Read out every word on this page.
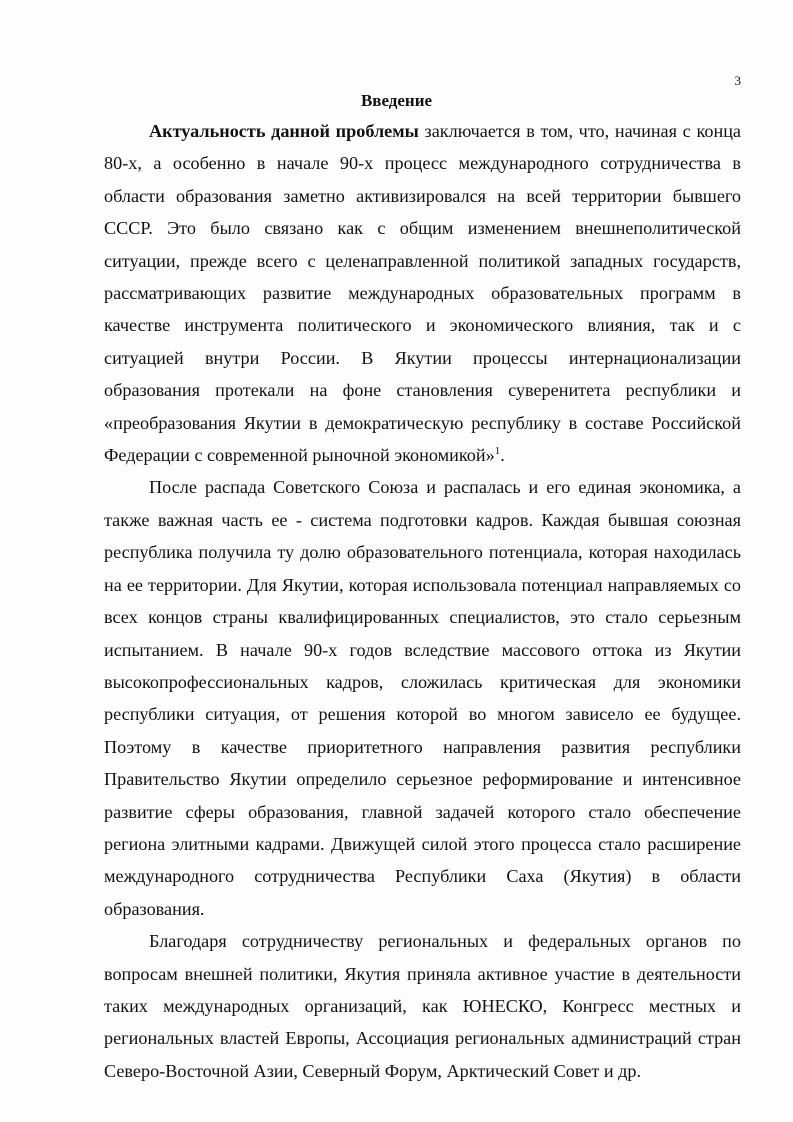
3
Введение

Актуальность данной проблемы заключается в том, что, начиная с конца 80-х, а особенно в начале 90-х процесс международного сотрудничества в области образования заметно активизировался на всей территории бывшего СССР. Это было связано как с общим изменением внешнеполитической ситуации, прежде всего с целенаправленной политикой западных государств, рассматривающих развитие международных образовательных программ в качестве инструмента политического и экономического влияния, так и с ситуацией внутри России. В Якутии процессы интернационализации образования протекали на фоне становления суверенитета республики и «преобразования Якутии в демократическую республику в составе Российской Федерации с современной рыночной экономикой»$^1$.

После распада Советского Союза и распалась и его единая экономика, а также важная часть ее - система подготовки кадров. Каждая бывшая союзная республика получила ту долю образовательного потенциала, которая находилась на ее территории. Для Якутии, которая использовала потенциал направляемых со всех концов страны квалифицированных специалистов, это стало серьезным испытанием. В начале 90-х годов вследствие массового оттока из Якутии высокопрофессиональных кадров, сложилась критическая для экономики республики ситуация, от решения которой во многом зависело ее будущее. Поэтому в качестве приоритетного направления развития республики Правительство Якутии определило серьезное реформирование и интенсивное развитие сферы образования, главной задачей которого стало обеспечение региона элитными кадрами. Движущей силой этого процесса стало расширение международного сотрудничества Республики Саха (Якутия) в области образования.

Благодаря сотрудничеству региональных и федеральных органов по вопросам внешней политики, Якутия приняла активное участие в деятельности таких международных организаций, как ЮНЕСКО, Конгресс местных и региональных властей Европы, Ассоциация региональных администраций стран Северо-Восточной Азии, Северный Форум, Арктический Совет и др.
